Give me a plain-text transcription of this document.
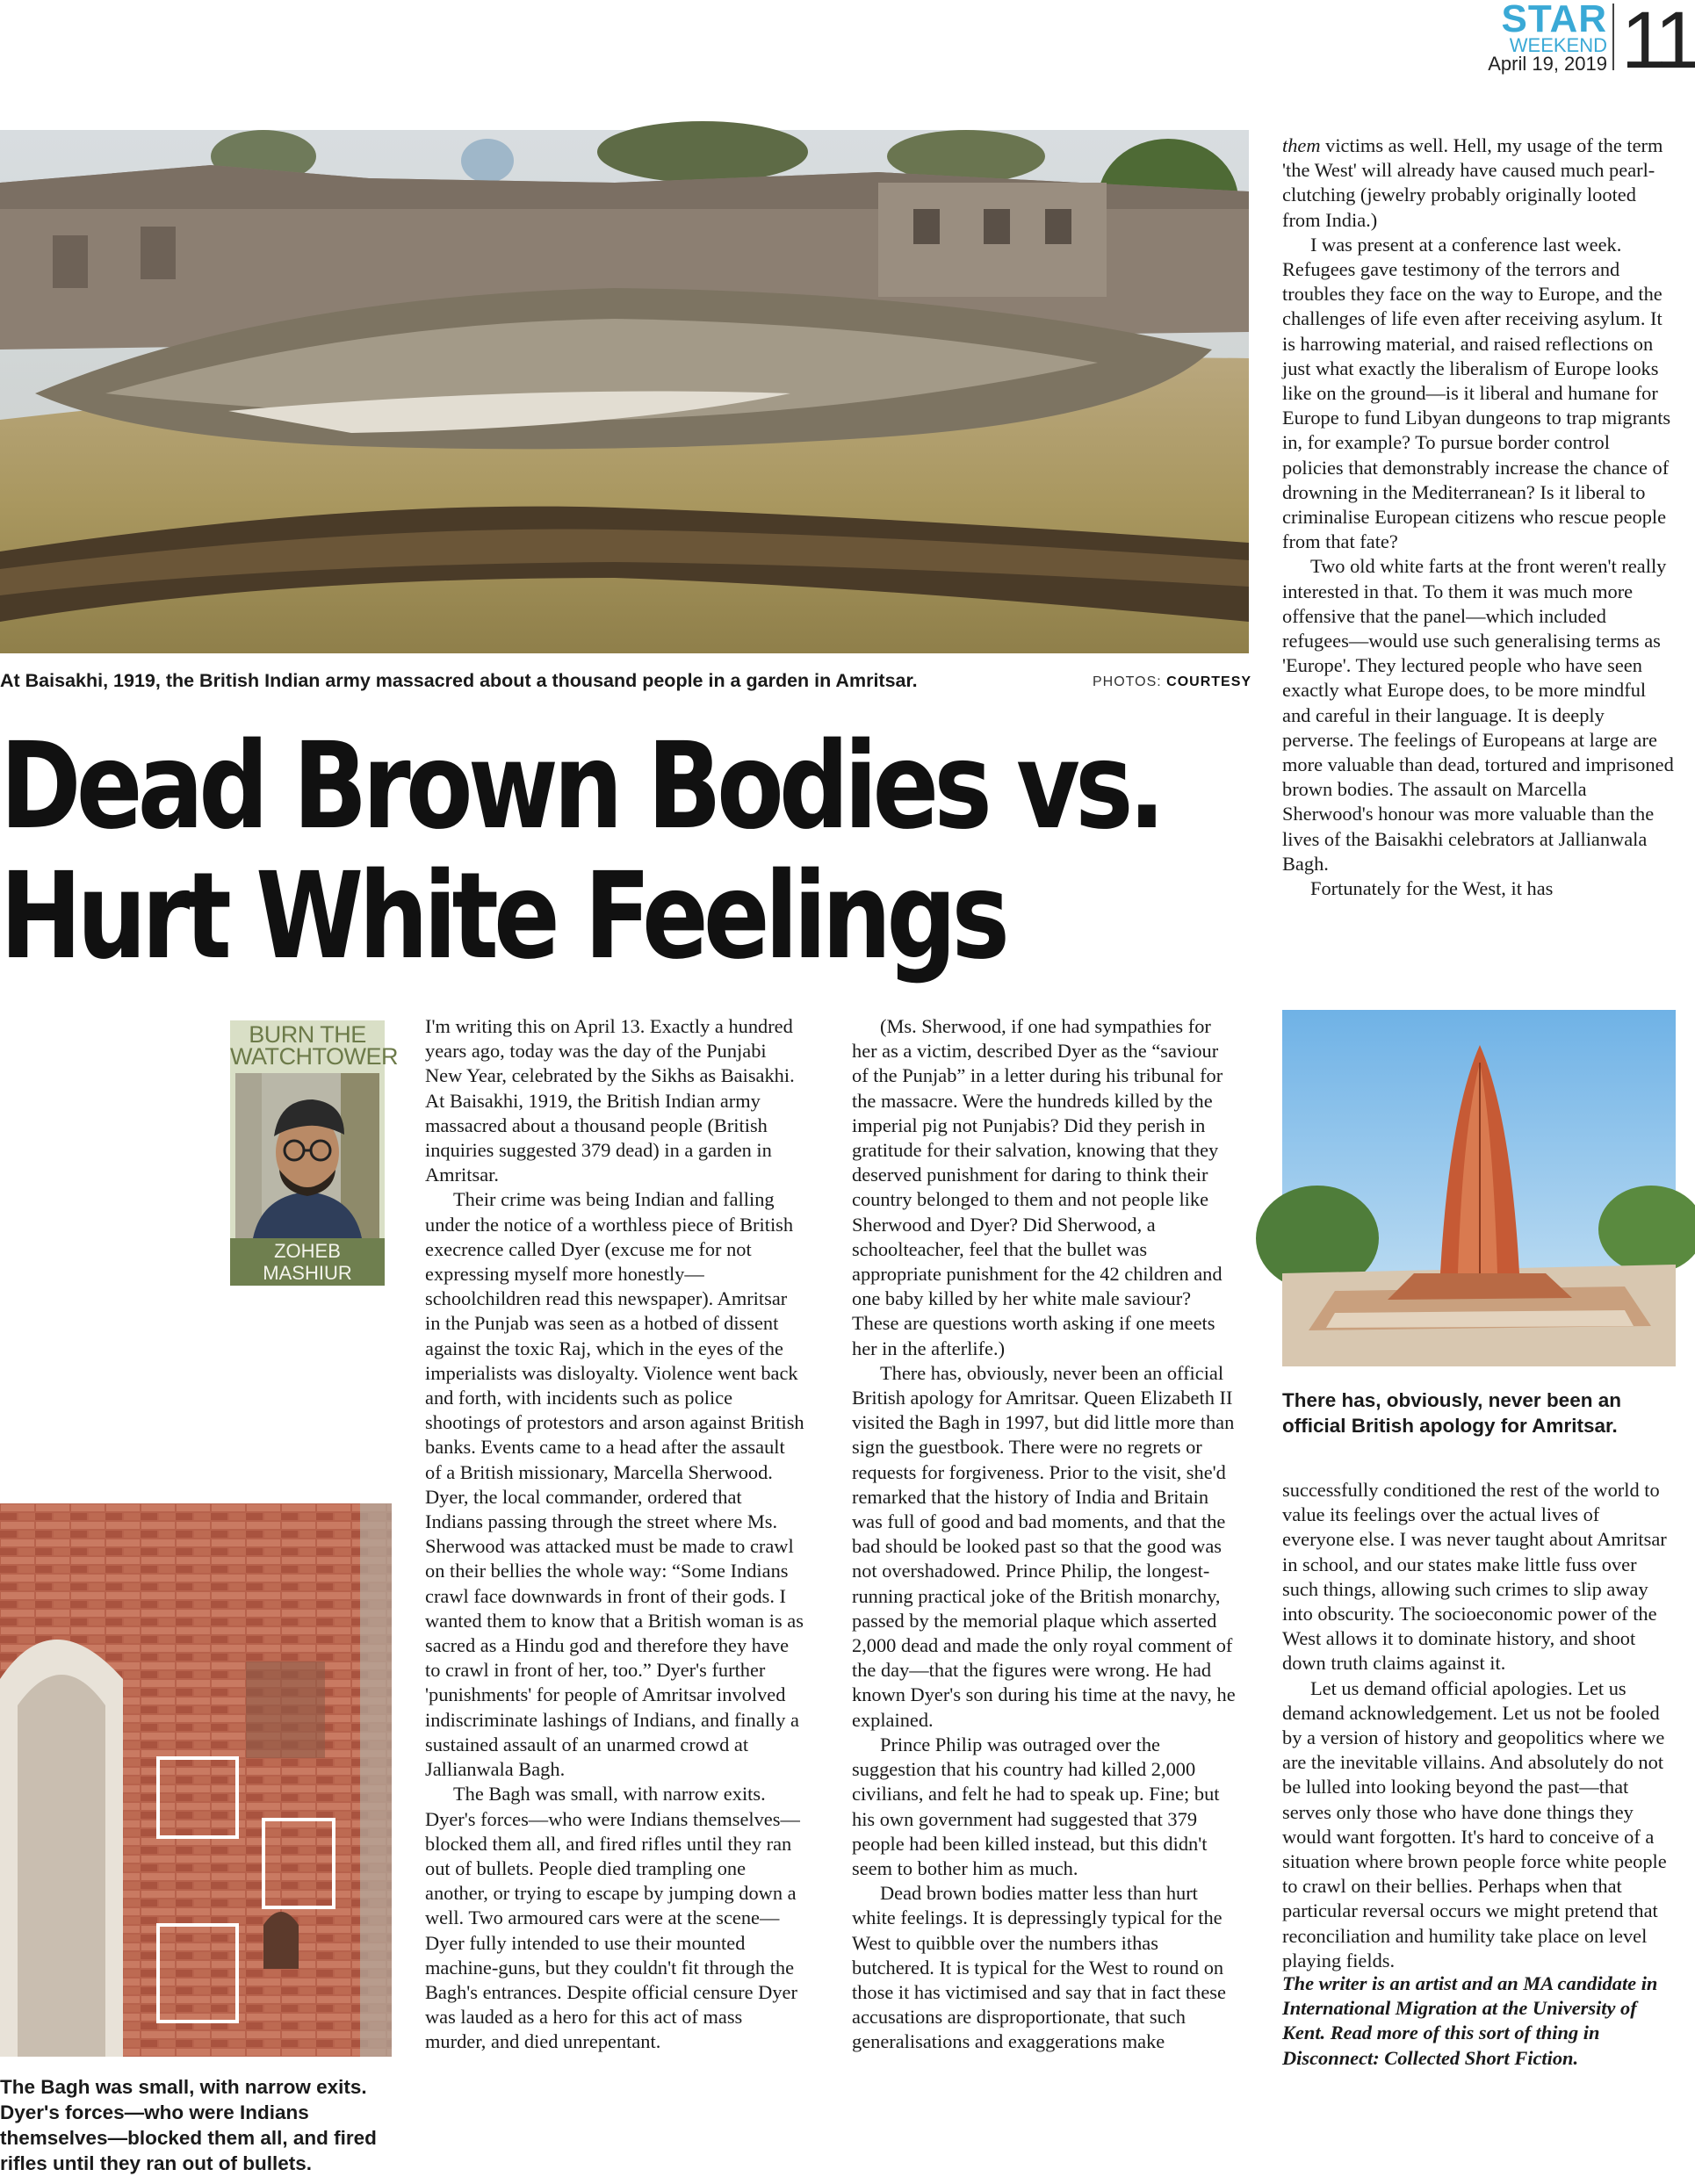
STAR
WEEKEND
April 19, 2019 11
At Baisakhi, 1919, the British Indian army massacred about a thousand people in a garden in Amritsar.	PHOTOS: COURTESY
Dead Brown Bodies vs.
Hurt White Feelings
BURN THE
WATCHTOWER
ZOHEB
MASHIUR

I'm writing this on April 13. Exactly a hundred years ago, today was the day of the Punjabi New Year, celebrated by the Sikhs as Baisakhi. At Baisakhi, 1919, the British Indian army massacred about a thousand people (British inquiries suggested 379 dead) in a garden in Amritsar.

Their crime was being Indian and falling under the notice of a worthless piece of British execrence called Dyer (excuse me for not expressing myself more honestly—schoolchildren read this newspaper). Amritsar in the Punjab was seen as a hotbed of dissent against the toxic Raj, which in the eyes of the imperialists was disloyalty. Violence went back and forth, with incidents such as police shootings of protestors and arson against British banks. Events came to a head after the assault of a British missionary, Marcella Sherwood. Dyer, the local commander, ordered that Indians passing through the street where Ms. Sherwood was attacked must be made to crawl on their bellies the whole way: “Some Indians crawl face downwards in front of their gods. I wanted them to know that a British woman is as sacred as a Hindu god and therefore they have to crawl in front of her, too.” Dyer's further 'punishments' for people of Amritsar involved indiscriminate lashings of Indians, and finally a sustained assault of an unarmed crowd at Jallianwala Bagh.

The Bagh was small, with narrow exits. Dyer's forces—who were Indians themselves—blocked them all, and fired rifles until they ran out of bullets. People died trampling one another, or trying to escape by jumping down a well. Two armoured cars were at the scene—Dyer fully intended to use their mounted machine-guns, but they couldn't fit through the Bagh's entrances. Despite official censure Dyer was lauded as a hero for this act of mass murder, and died unrepentant.

(Ms. Sherwood, if one had sympathies for her as a victim, described Dyer as the “saviour of the Punjab” in a letter during his tribunal for the massacre. Were the hundreds killed by the imperial pig not Punjabis? Did they perish in gratitude for their salvation, knowing that they deserved punishment for daring to think their country belonged to them and not people like Sherwood and Dyer? Did Sherwood, a schoolteacher, feel that the bullet was appropriate punishment for the 42 children and one baby killed by her white male saviour? These are questions worth asking if one meets her in the afterlife.)

There has, obviously, never been an official British apology for Amritsar. Queen Elizabeth II visited the Bagh in 1997, but did little more than sign the guestbook. There were no regrets or requests for forgiveness. Prior to the visit, she'd remarked that the history of India and Britain was full of good and bad moments, and that the bad should be looked past so that the good was not overshadowed. Prince Philip, the longest-running practical joke of the British monarchy, passed by the memorial plaque which asserted 2,000 dead and made the only royal comment of the day—that the figures were wrong. He had known Dyer's son during his time at the navy, he explained.

Prince Philip was outraged over the suggestion that his country had killed 2,000 civilians, and felt he had to speak up. Fine; but his own government had suggested that 379 people had been killed instead, but this didn't seem to bother him as much.

Dead brown bodies matter less than hurt white feelings. It is depressingly typical for the West to quibble over the numbers ithas butchered. It is typical for the West to round on those it has victimised and say that in fact these accusations are disproportionate, that such generalisations and exaggerations make

them victims as well. Hell, my usage of the term 'the West' will already have caused much pearl-clutching (jewelry probably originally looted from India.)

I was present at a conference last week. Refugees gave testimony of the terrors and troubles they face on the way to Europe, and the challenges of life even after receiving asylum. It is harrowing material, and raised reflections on just what exactly the liberalism of Europe looks like on the ground—is it liberal and humane for Europe to fund Libyan dungeons to trap migrants in, for example? To pursue border control policies that demonstrably increase the chance of drowning in the Mediterranean? Is it liberal to criminalise European citizens who rescue people from that fate?

Two old white farts at the front weren't really interested in that. To them it was much more offensive that the panel—which included refugees—would use such generalising terms as 'Europe'. They lectured people who have seen exactly what Europe does, to be more mindful and careful in their language. It is deeply perverse. The feelings of Europeans at large are more valuable than dead, tortured and imprisoned brown bodies. The assault on Marcella Sherwood's honour was more valuable than the lives of the Baisakhi celebrators at Jallianwala Bagh.

Fortunately for the West, it has

There has, obviously, never been an official British apology for Amritsar.

successfully conditioned the rest of the world to value its feelings over the actual lives of everyone else. I was never taught about Amritsar in school, and our states make little fuss over such things, allowing such crimes to slip away into obscurity. The socioeconomic power of the West allows it to dominate history, and shoot down truth claims against it.

Let us demand official apologies. Let us demand acknowledgement. Let us not be fooled by a version of history and geopolitics where we are the inevitable villains. And absolutely do not be lulled into looking beyond the past—that serves only those who have done things they would want forgotten. It's hard to conceive of a situation where brown people force white people to crawl on their bellies. Perhaps when that particular reversal occurs we might pretend that reconciliation and humility take place on level playing fields.

The writer is an artist and an MA candidate in International Migration at the University of Kent. Read more of this sort of thing in Disconnect: Collected Short Fiction.

The Bagh was small, with narrow exits. Dyer's forces—who were Indians themselves—blocked them all, and fired rifles until they ran out of bullets.
